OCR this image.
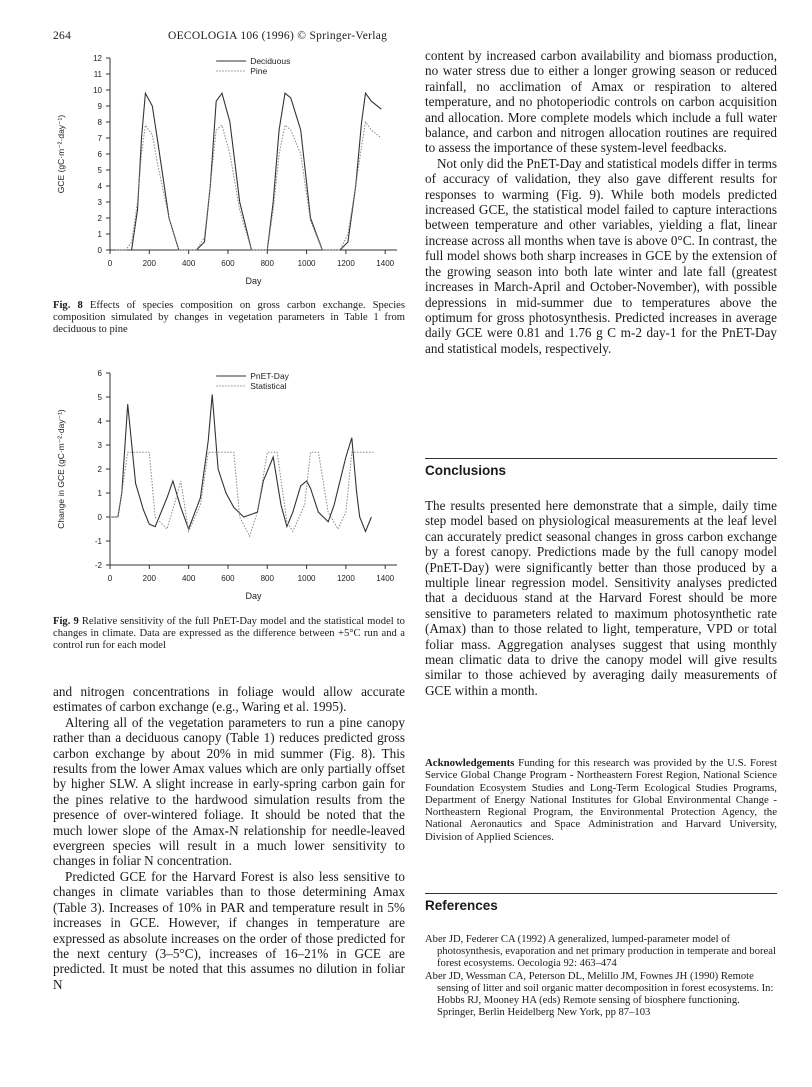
264	OECOLOGIA 106 (1996) © Springer-Verlag
0
1
2
3
4
5
6
7
8
9
10
11
12
0	200	400	600	800	1000	1200	1400
Day
GCE (gC·m⁻²·day⁻¹)
Deciduous
Pine
Fig. 8 Effects of species composition on gross carbon exchange. Species composition simulated by changes in vegetation parameters in Table 1 from deciduous to pine
-2
-1
0
1
2
3
4
5
6
0	200	400	600	800	1000	1200	1400
Day
Change in GCE (gC·m⁻²·day⁻¹)
PnET-Day
Statistical
Fig. 9 Relative sensitivity of the full PnET-Day model and the statistical model to changes in climate. Data are expressed as the difference between +5°C run and a control run for each model

and nitrogen concentrations in foliage would allow accurate estimates of carbon exchange (e.g., Waring et al. 1995).

Altering all of the vegetation parameters to run a pine canopy rather than a deciduous canopy (Table 1) reduces predicted gross carbon exchange by about 20% in mid summer (Fig. 8). This results from the lower Amax values which are only partially offset by higher SLW. A slight increase in early-spring carbon gain for the pines relative to the hardwood simulation results from the presence of over-wintered foliage. It should be noted that the much lower slope of the Amax-N relationship for needle-leaved evergreen species will result in a much lower sensitivity to changes in foliar N concentration.

Predicted GCE for the Harvard Forest is also less sensitive to changes in climate variables than to those determining Amax (Table 3). Increases of 10% in PAR and temperature result in 5% increases in GCE. However, if changes in temperature are expressed as absolute increases on the order of those predicted for the next century (3–5°C), increases of 16–21% in GCE are predicted. It must be noted that this assumes no dilution in foliar N

content by increased carbon availability and biomass production, no water stress due to either a longer growing season or reduced rainfall, no acclimation of Amax or respiration to altered temperature, and no photoperiodic controls on carbon acquisition and allocation. More complete models which include a full water balance, and carbon and nitrogen allocation routines are required to assess the importance of these system-level feedbacks.

Not only did the PnET-Day and statistical models differ in terms of accuracy of validation, they also gave different results for responses to warming (Fig. 9). While both models predicted increased GCE, the statistical model failed to capture interactions between temperature and other variables, yielding a flat, linear increase across all months when tave is above 0°C. In contrast, the full model shows both sharp increases in GCE by the extension of the growing season into both late winter and late fall (greatest increases in March-April and October-November), with possible depressions in mid-summer due to temperatures above the optimum for gross photosynthesis. Predicted increases in average daily GCE were 0.81 and 1.76 g C m-2 day-1 for the PnET-Day and statistical models, respectively.

Conclusions

The results presented here demonstrate that a simple, daily time step model based on physiological measurements at the leaf level can accurately predict seasonal changes in gross carbon exchange by a forest canopy. Predictions made by the full canopy model (PnET-Day) were significantly better than those produced by a multiple linear regression model. Sensitivity analyses predicted that a deciduous stand at the Harvard Forest should be more sensitive to parameters related to maximum photosynthetic rate (Amax) than to those related to light, temperature, VPD or total foliar mass. Aggregation analyses suggest that using monthly mean climatic data to drive the canopy model will give results similar to those achieved by averaging daily measurements of GCE within a month.

Acknowledgements Funding for this research was provided by the U.S. Forest Service Global Change Program - Northeastern Forest Region, National Science Foundation Ecosystem Studies and Long-Term Ecological Studies Programs, Department of Energy National Institutes for Global Environmental Change - Northeastern Regional Program, the Environmental Protection Agency, the National Aeronautics and Space Administration and Harvard University, Division of Applied Sciences.
References

Aber JD, Federer CA (1992) A generalized, lumped-parameter model of photosynthesis, evaporation and net primary production in temperate and boreal forest ecosystems. Oecologia 92: 463–474

Aber JD, Wessman CA, Peterson DL, Melillo JM, Fownes JH (1990) Remote sensing of litter and soil organic matter decomposition in forest ecosystems. In: Hobbs RJ, Mooney HA (eds) Remote sensing of biosphere functioning. Springer, Berlin Heidelberg New York, pp 87–103
